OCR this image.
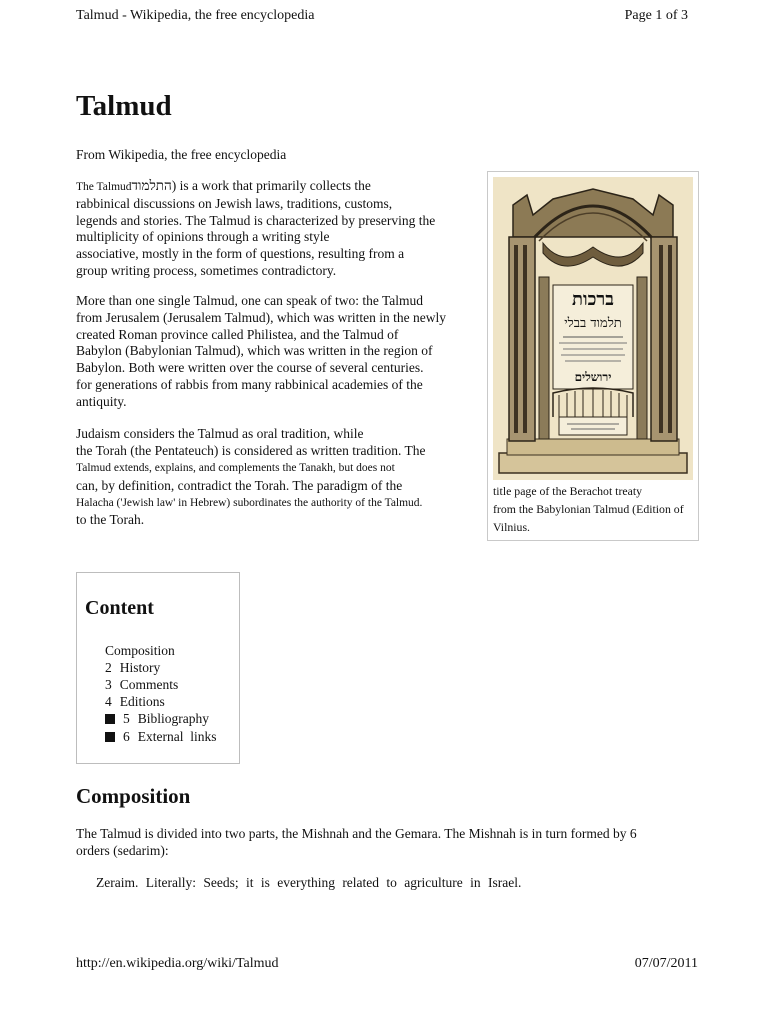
Talmud - Wikipedia, the free encyclopedia	Page 1 of 3
Talmud
From Wikipedia, the free encyclopedia
The Talmudהתלמוד) is a work that primarily collects the
rabbinical discussions on Jewish laws, traditions, customs,
legends and stories. The Talmud is characterized by preserving the
multiplicity of opinions through a writing style
associative, mostly in the form of questions, resulting from a
group writing process, sometimes contradictory.
More than one single Talmud, one can speak of two: the Talmud
from Jerusalem (Jerusalem Talmud), which was written in the newly
created Roman province called Philistea, and the Talmud of
Babylon (Babylonian Talmud), which was written in the region of
Babylon. Both were written over the course of several centuries.
for generations of rabbis from many rabbinical academies of the
antiquity.
Judaism considers the Talmud as oral tradition, while
the Torah (the Pentateuch) is considered as written tradition. The
Talmud extends, explains, and complements the Tanakh, but does not
can, by definition, contradict the Torah. The paradigm of the
Halacha ('Jewish law' in Hebrew) subordinates the authority of the Talmud.
to the Torah.
ברכות
תלמוד בבלי
ירושלים
title page of the Berachot treaty
from the Babylonian Talmud (Edition of
Vilnius.
Content
Composition
2 History
3 Comments
4 Editions
5 Bibliography
6 External  links
Composition
The Talmud is divided into two parts, the Mishnah and the Gemara. The Mishnah is in turn formed by 6
orders (sedarim):
Zeraim. Literally: Seeds; it is everything related to agriculture in Israel.
http://en.wikipedia.org/wiki/Talmud	07/07/2011
